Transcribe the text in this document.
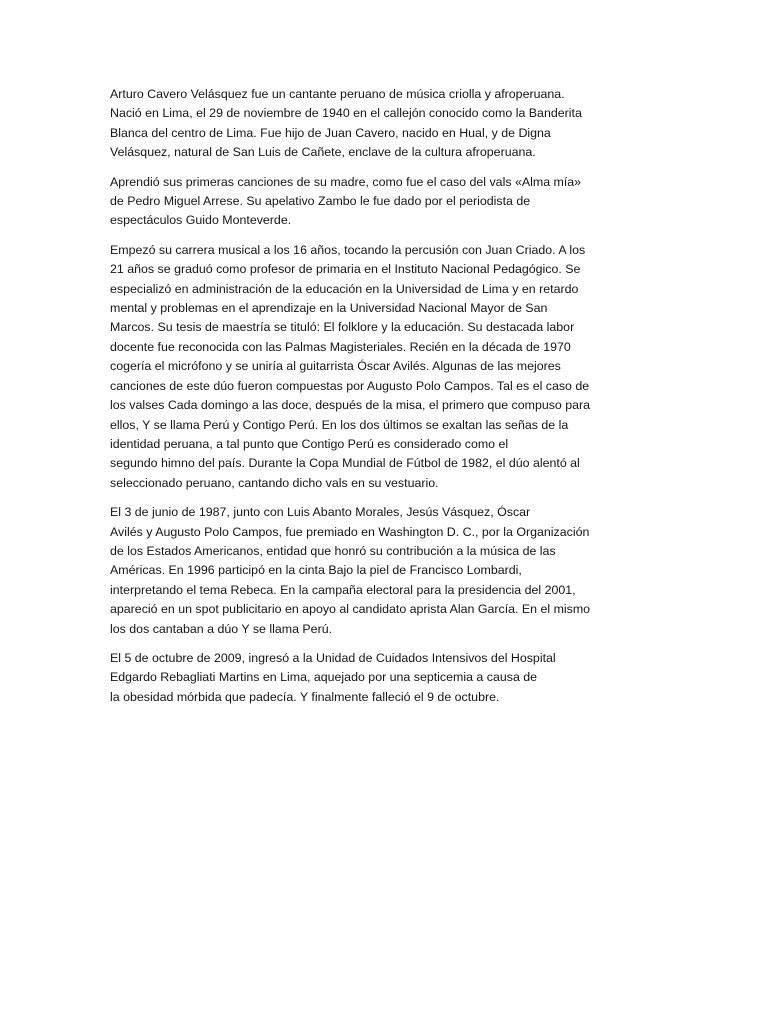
Arturo Cavero Velásquez fue un cantante peruano de música criolla y afroperuana.
Nació en Lima, el 29 de noviembre de 1940 en el callejón conocido como la Banderita
Blanca del centro de Lima. Fue hijo de Juan Cavero, nacido en Hual, y de Digna
Velásquez, natural de San Luis de Cañete, enclave de la cultura afroperuana.

Aprendió sus primeras canciones de su madre, como fue el caso del vals «Alma mía»
de Pedro Miguel Arrese. Su apelativo Zambo le fue dado por el periodista de
espectáculos Guido Monteverde.

Empezó su carrera musical a los 16 años, tocando la percusión con Juan Criado. A los
21 años se graduó como profesor de primaria en el Instituto Nacional Pedagógico. Se
especializó en administración de la educación en la Universidad de Lima y en retardo
mental y problemas en el aprendizaje en la Universidad Nacional Mayor de San
Marcos. Su tesis de maestría se tituló: El folklore y la educación. Su destacada labor
docente fue reconocida con las Palmas Magisteriales. Recién en la década de 1970
cogería el micrófono y se uniría al guitarrista Óscar Avilés. Algunas de las mejores
canciones de este dúo fueron compuestas por Augusto Polo Campos. Tal es el caso de
los valses Cada domingo a las doce, después de la misa, el primero que compuso para
ellos, Y se llama Perú y Contigo Perú. En los dos últimos se exaltan las señas de la
identidad peruana, a tal punto que Contigo Perú es considerado como el
segundo himno del país. Durante la Copa Mundial de Fútbol de 1982, el dúo alentó al
seleccionado peruano, cantando dicho vals en su vestuario.

El 3 de junio de 1987, junto con Luis Abanto Morales, Jesús Vásquez, Óscar
Avilés y Augusto Polo Campos, fue premiado en Washington D. C., por la Organización
de los Estados Americanos, entidad que honró su contribución a la música de las
Américas. En 1996 participó en la cinta Bajo la piel de Francisco Lombardi,
interpretando el tema Rebeca. En la campaña electoral para la presidencia del 2001,
apareció en un spot publicitario en apoyo al candidato aprista Alan García. En el mismo
los dos cantaban a dúo Y se llama Perú.

El 5 de octubre de 2009, ingresó a la Unidad de Cuidados Intensivos del Hospital
Edgardo Rebagliati Martins en Lima, aquejado por una septicemia a causa de
la obesidad mórbida que padecía. Y finalmente falleció el 9 de octubre.
